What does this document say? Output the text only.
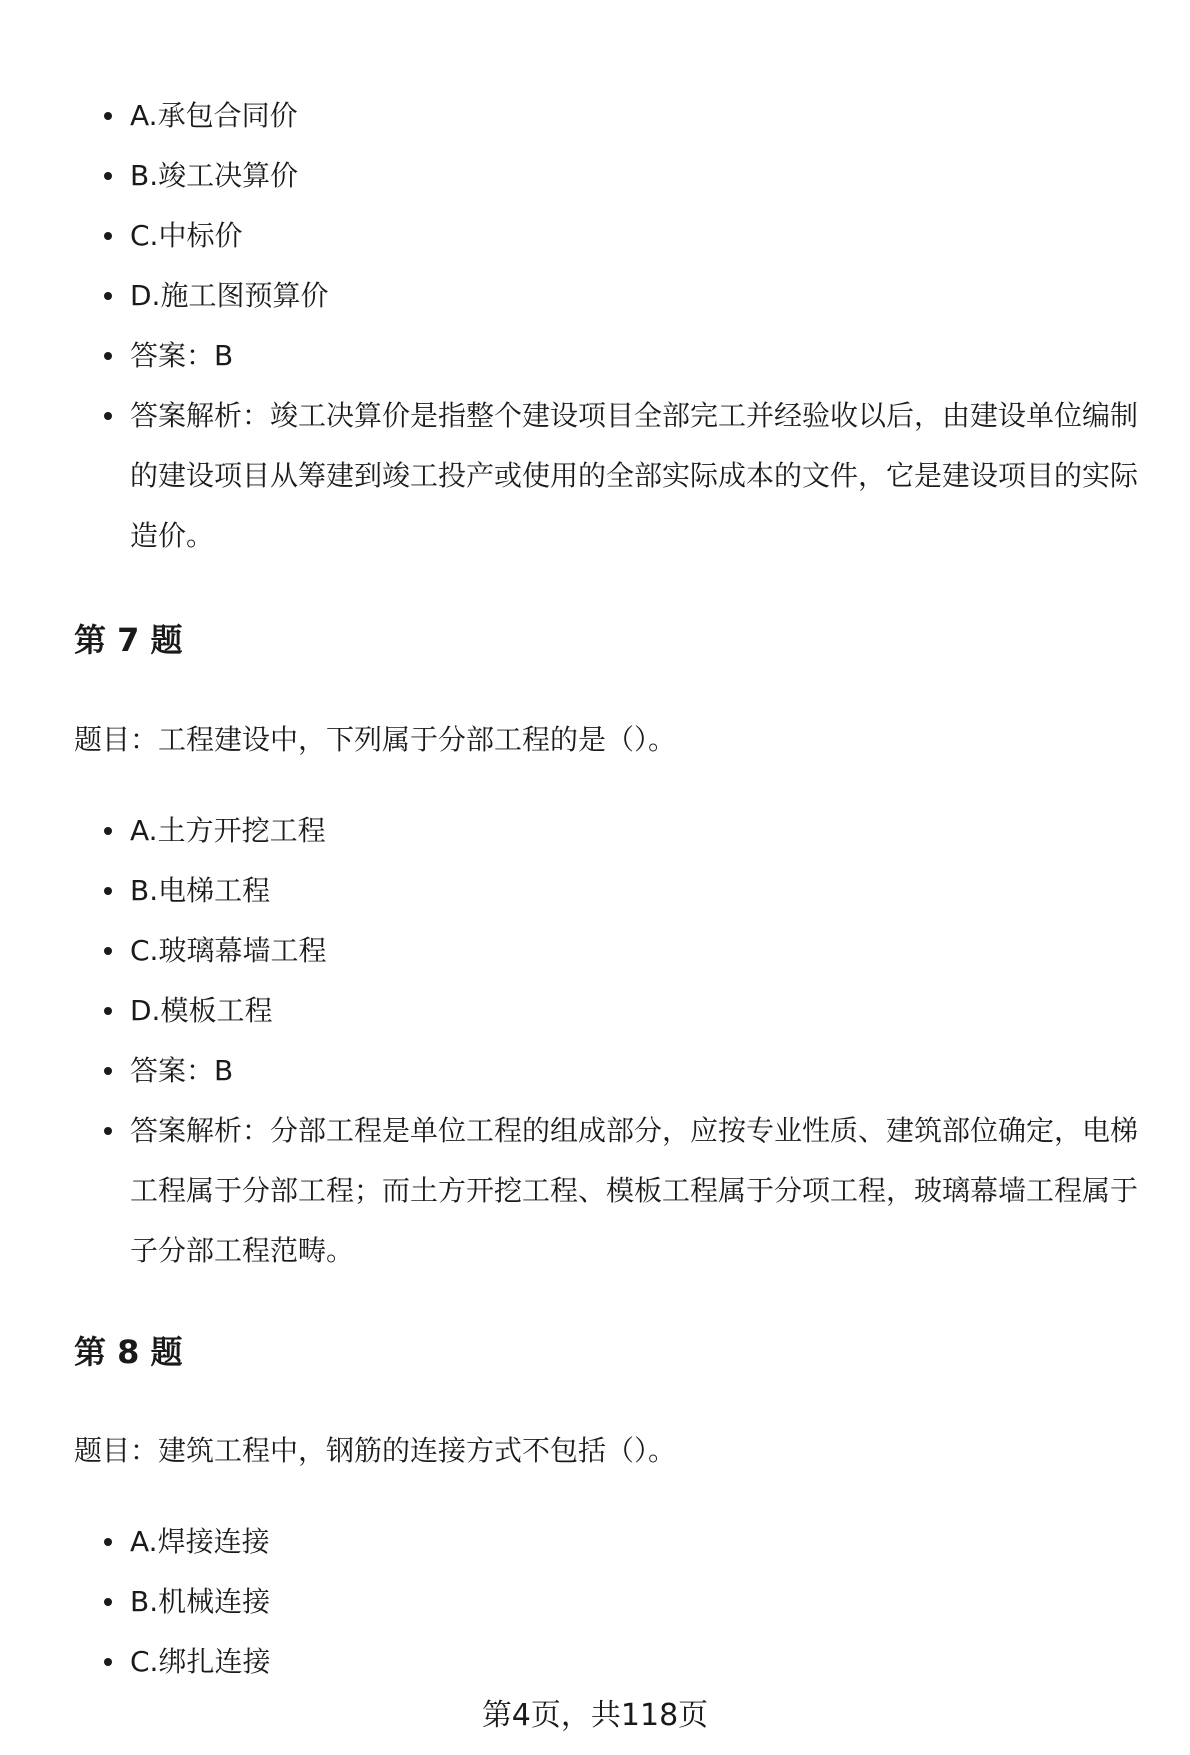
A.承包合同价
B.竣工决算价
C.中标价
D.施工图预算价
答案：B
答案解析：竣工决算价是指整个建设项目全部完工并经验收以后，由建设单位编制的建设项目从筹建到竣工投产或使用的全部实际成本的文件，它是建设项目的实际造价。
第 7 题
题目：工程建设中，下列属于分部工程的是（）。
A.土方开挖工程
B.电梯工程
C.玻璃幕墙工程
D.模板工程
答案：B
答案解析：分部工程是单位工程的组成部分，应按专业性质、建筑部位确定，电梯工程属于分部工程；而土方开挖工程、模板工程属于分项工程，玻璃幕墙工程属于子分部工程范畴。
第 8 题
题目：建筑工程中，钢筋的连接方式不包括（）。
A.焊接连接
B.机械连接
C.绑扎连接
第4页，共118页
